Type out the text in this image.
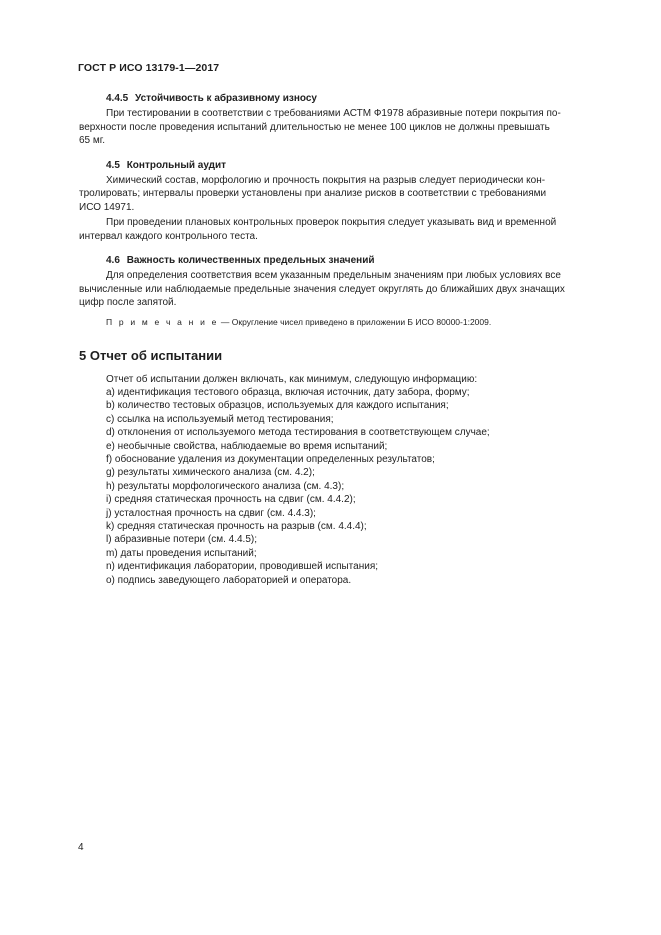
ГОСТ Р ИСО 13179-1—2017
4.4.5 Устойчивость к абразивному износу
При тестировании в соответствии с требованиями АСТМ Ф1978 абразивные потери покрытия по-
верхности после проведения испытаний длительностью не менее 100 циклов не должны превышать
65 мг.
4.5 Контрольный аудит
Химический состав, морфологию и прочность покрытия на разрыв следует периодически кон-
тролировать; интервалы проверки установлены при анализе рисков в соответствии с требованиями
ИСО 14971.
При проведении плановых контрольных проверок покрытия следует указывать вид и временной
интервал каждого контрольного теста.
4.6 Важность количественных предельных значений
Для определения соответствия всем указанным предельным значениям при любых условиях все
вычисленные или наблюдаемые предельные значения следует округлять до ближайших двух значащих
цифр после запятой.
П р и м е ч а н и е — Округление чисел приведено в приложении Б ИСО 80000-1:2009.
5 Отчет об испытании
Отчет об испытании должен включать, как минимум, следующую информацию:
a) идентификация тестового образца, включая источник, дату забора, форму;
b) количество тестовых образцов, используемых для каждого испытания;
c) ссылка на используемый метод тестирования;
d) отклонения от используемого метода тестирования в соответствующем случае;
e) необычные свойства, наблюдаемые во время испытаний;
f) обоснование удаления из документации определенных результатов;
g) результаты химического анализа (см. 4.2);
h) результаты морфологического анализа (см. 4.3);
i) средняя статическая прочность на сдвиг (см. 4.4.2);
j) усталостная прочность на сдвиг (см. 4.4.3);
k) средняя статическая прочность на разрыв (см. 4.4.4);
l) абразивные потери (см. 4.4.5);
m) даты проведения испытаний;
n) идентификация лаборатории, проводившей испытания;
o) подпись заведующего лабораторией и оператора.
4
